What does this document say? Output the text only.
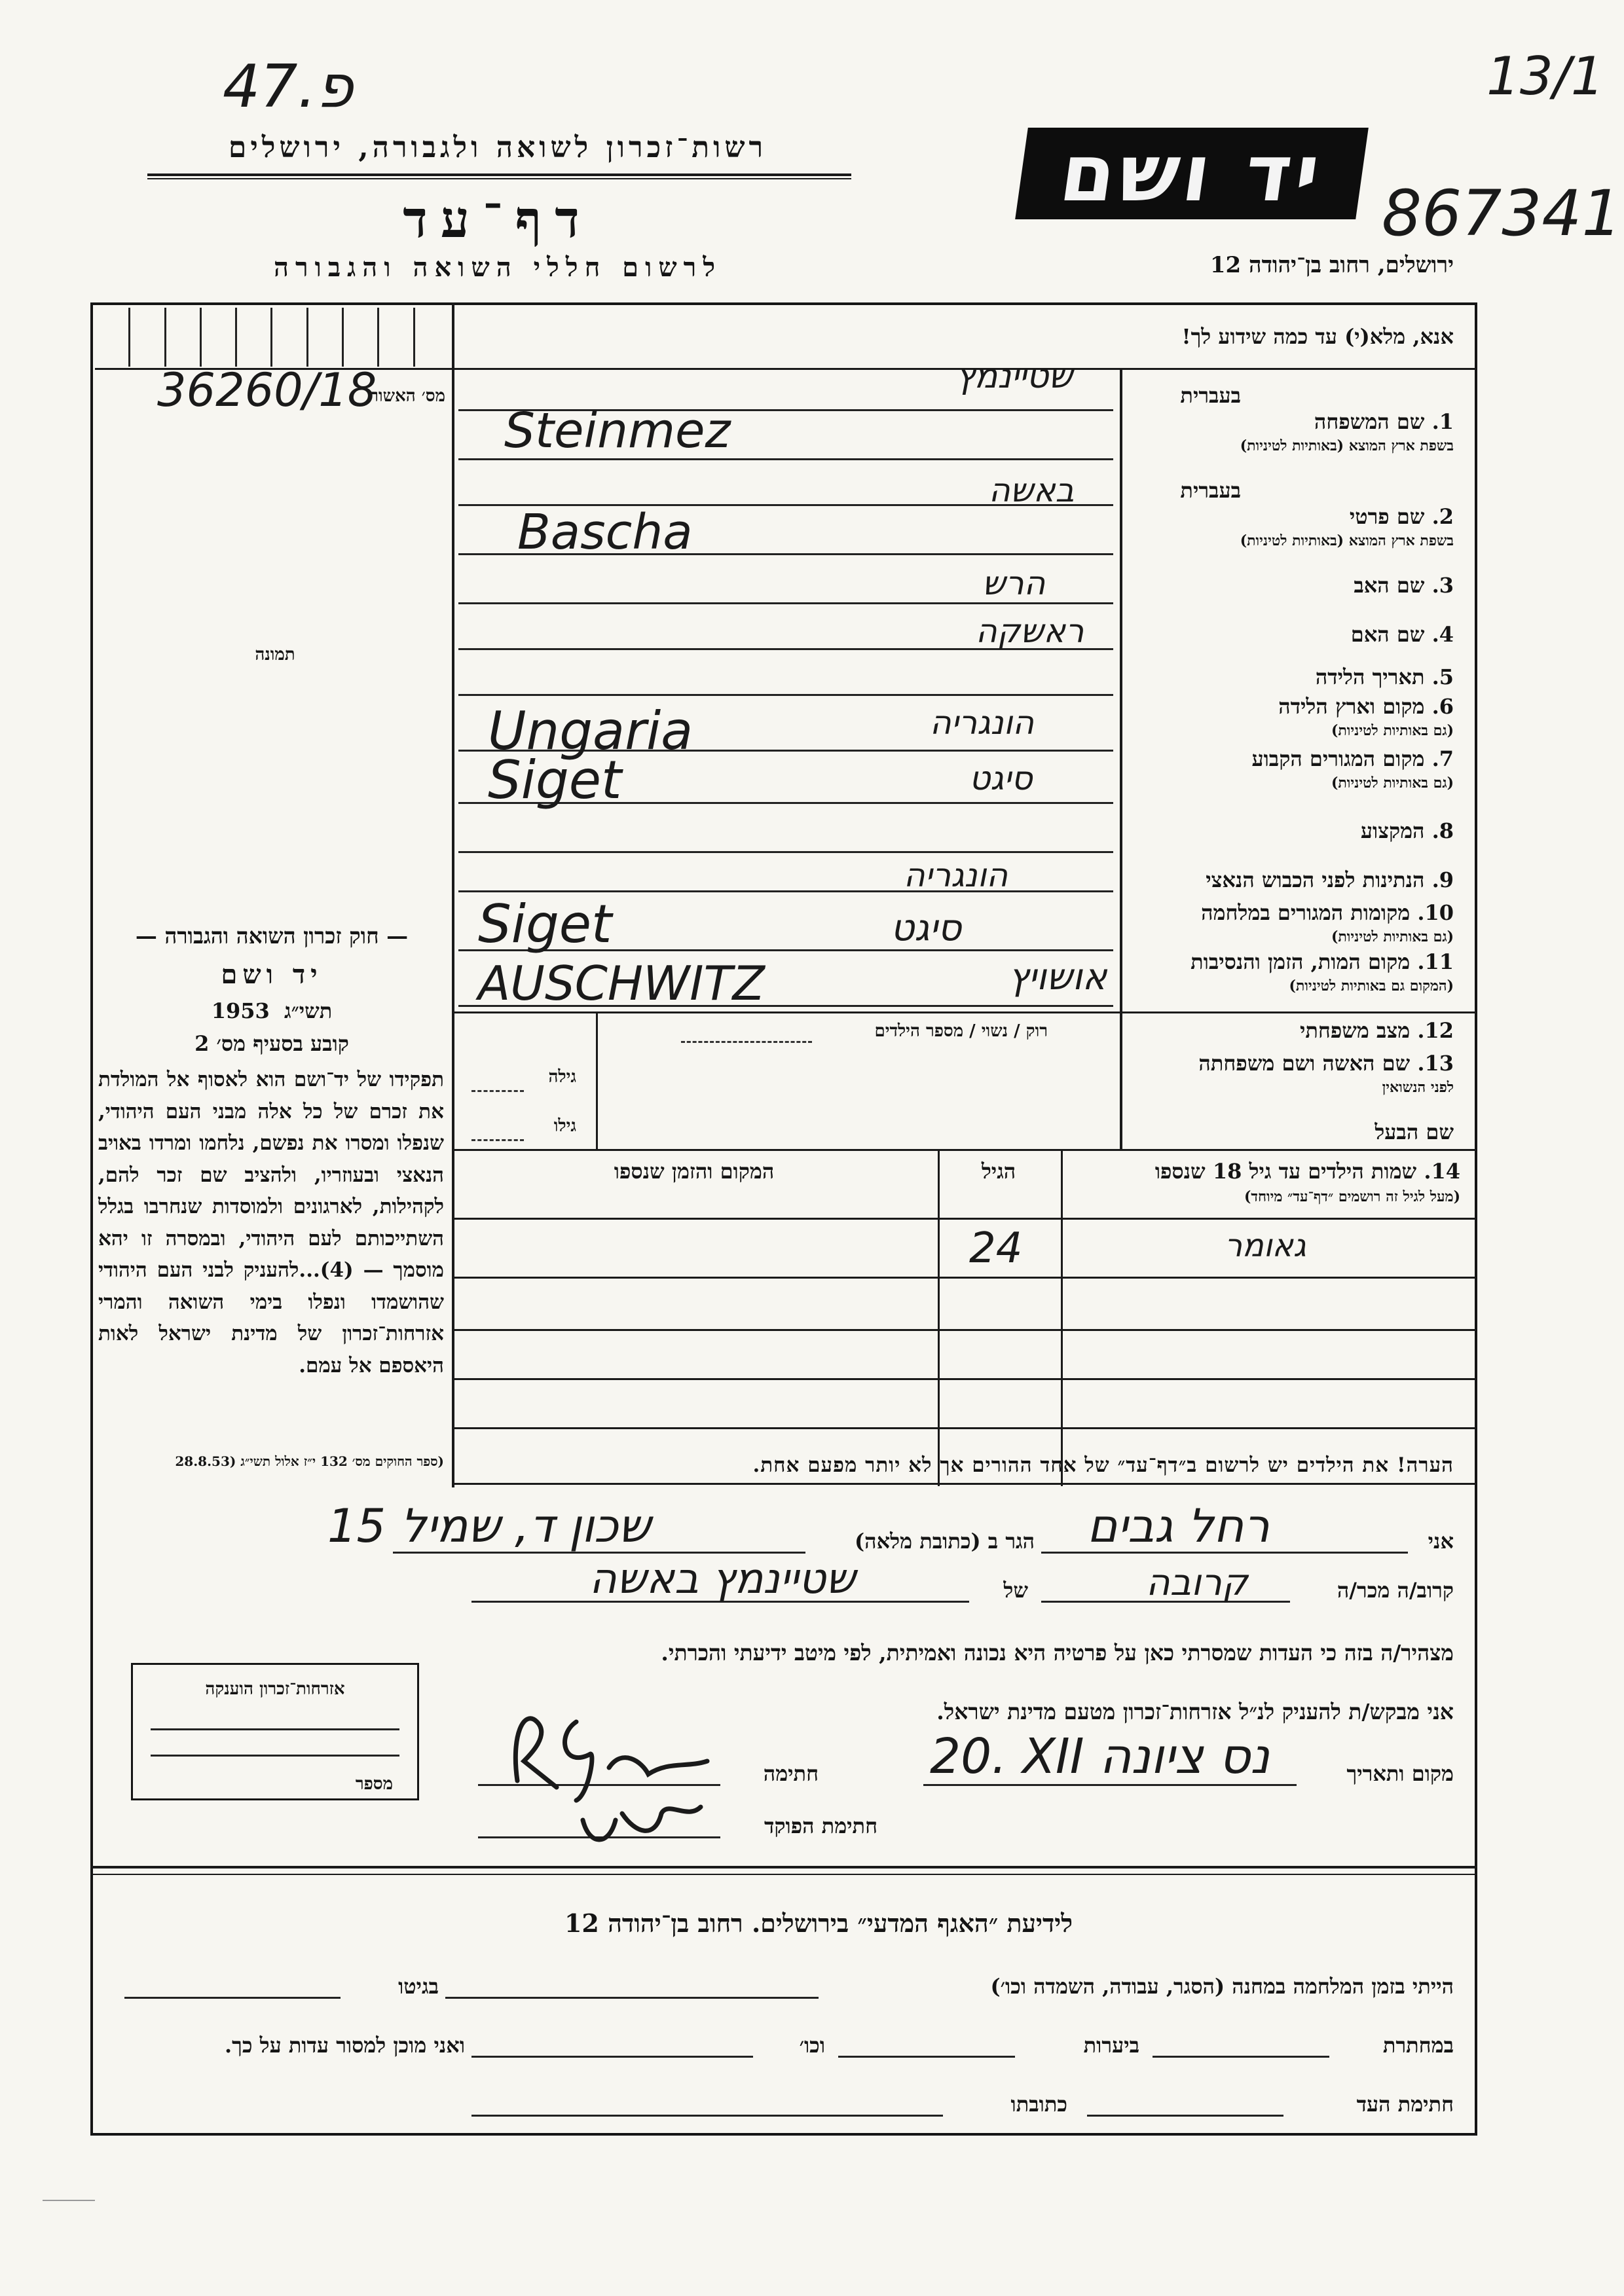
פ.47	13/1
867341
רשות־זכרון לשואה ולגבורה, ירושלים
דף־עד
לרשום חללי השואה והגבורה
יד ושם
ירושלים, רחוב בן־יהודה 12
אנא, מלא(י) עד כמה שידוע לך!
מס׳ האשור
36260/18
תמונה
— חוק זכרון השואה והגבורה —
יד ושם
תשי״ג  1953
קובע בסעיף מס׳ 2
תפקידו של יד־ושם הוא לאסוף אל המולדת את זכרם של כל אלה מבני העם היהודי, שנפלו ומסרו את נפשם, נלחמו ומרדו באויב הנאצי ובעוזריו, ולהציב שם זכר להם, לקהילות, לארגונים ולמוסדות שנחרבו בגלל השתייכותם לעם היהודי, ובמסרה זו יהא מוסמך — (4)...להעניק לבני העם היהודי שהושמדו ונפלו בימי השואה והמרי אזרחות־זכרון של מדינת ישראל לאות היאספם אל עמם.
(ספר החוקים מס׳ 132 י״ז אלול תשי״ג (28.8.53
אזרחות־זכרון הוענקה
מספר
בעברית
1. שם המשפחה
בשפת ארץ המוצא (באותיות לטיניות)
שטיינמץ
Steinmez
בעברית
2. שם פרטי
בשפת ארץ המוצא (באותיות לטיניות)
באשה
Bascha
3. שם האב
הרש
4. שם האם
ראשקה
5. תאריך הלידה
6. מקום וארץ הלידה
(גם באותיות לטיניות)
הונגריה
Ungaria	7. מקום המגורים הקבוע
(גם באותיות לטיניות)
סיגט
Siget
8. המקצוע
9. הנתינות לפני הכבוש הנאצי
הונגריה
10. מקומות המגורים במלחמה
(גם באותיות לטיניות)
סיגט
Siget
11. מקום המות, הזמן והנסיבות
(המקום גם באותיות לטיניות)
אושויץ
AUSCHWITZ
12. מצב משפחתי
רוק / נשוי / מספר הילדים
13. שם האשה ושם משפחתה
לפני הנשואין
גילה
שם הבעל
גילו
14. שמות הילדים עד גיל 18 שנספו
(מעל לגיל זה רושמים ״דף־עד״ מיוחד)
הגיל
המקום והזמן שנספו
גאומר
24
הערה! את הילדים יש לרשום ב״דף־עד״ של אחד ההורים אך לא יותר מפעם אחת.
אני
רחל גבים
הגר ב (כתובת מלאה)
שכון ד, שמיל 15
קרוב/ה מכר/ה
קרובה
של
שטיינמץ באשה
מצהיר/ה בזה כי העדות שמסרתי כאן על פרטיה היא נכונה ואמיתית, לפי מיטב ידיעתי והכרתי.
אני מבקש/ת להעניק לנ״ל אזרחות־זכרון מטעם מדינת ישראל.
מקום ותאריך
20. XII נס ציונה
חתימה
חתימת הפוקד
לידיעת ״האגף המדעי״ בירושלים. רחוב בן־יהודה 12
הייתי בזמן המלחמה במחנה (הסגר, עבודה, השמדה וכו׳)
בגיטו
במחתרת
ביערות
וכו׳
ואני מוכן למסור עדות על כך.
חתימת העד
כתובתו
